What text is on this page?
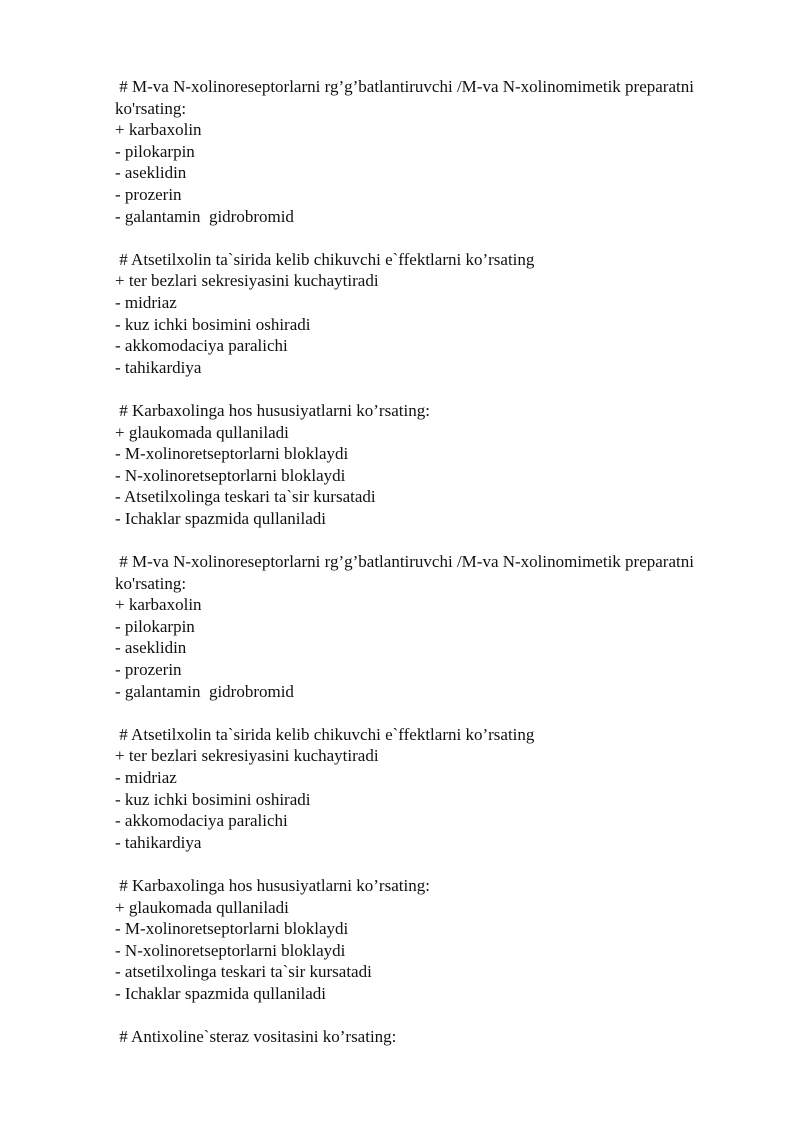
# M-va N-xolinoreseptorlarni rg’g’batlantiruvchi /M-va N-xolinomimetik preparatni ko'rsating:
+ karbaxolin
- pilokarpin
- aseklidin
- prozerin
- galantamin  gidrobromid
# Atsetilxolin ta`sirida kelib chikuvchi e`ffektlarni ko’rsating
+ ter bezlari sekresiyasini kuchaytiradi
- midriaz
- kuz ichki bosimini oshiradi
- akkomodaciya paralichi
- tahikardiya
# Karbaxolinga hos hususiyatlarni ko’rsating:
+ glaukomada qullaniladi
- M-xolinoretseptorlarni bloklaydi
- N-xolinoretseptorlarni bloklaydi
- Atsetilxolinga teskari ta`sir kursatadi
- Ichaklar spazmida qullaniladi
# M-va N-xolinoreseptorlarni rg’g’batlantiruvchi /M-va N-xolinomimetik preparatni ko'rsating:
+ karbaxolin
- pilokarpin
- aseklidin
- prozerin
- galantamin  gidrobromid
# Atsetilxolin ta`sirida kelib chikuvchi e`ffektlarni ko’rsating
+ ter bezlari sekresiyasini kuchaytiradi
- midriaz
- kuz ichki bosimini oshiradi
- akkomodaciya paralichi
- tahikardiya
# Karbaxolinga hos hususiyatlarni ko’rsating:
+ glaukomada qullaniladi
- M-xolinoretseptorlarni bloklaydi
- N-xolinoretseptorlarni bloklaydi
- atsetilxolinga teskari ta`sir kursatadi
- Ichaklar spazmida qullaniladi
# Antixoline`steraz vositasini ko’rsating:
